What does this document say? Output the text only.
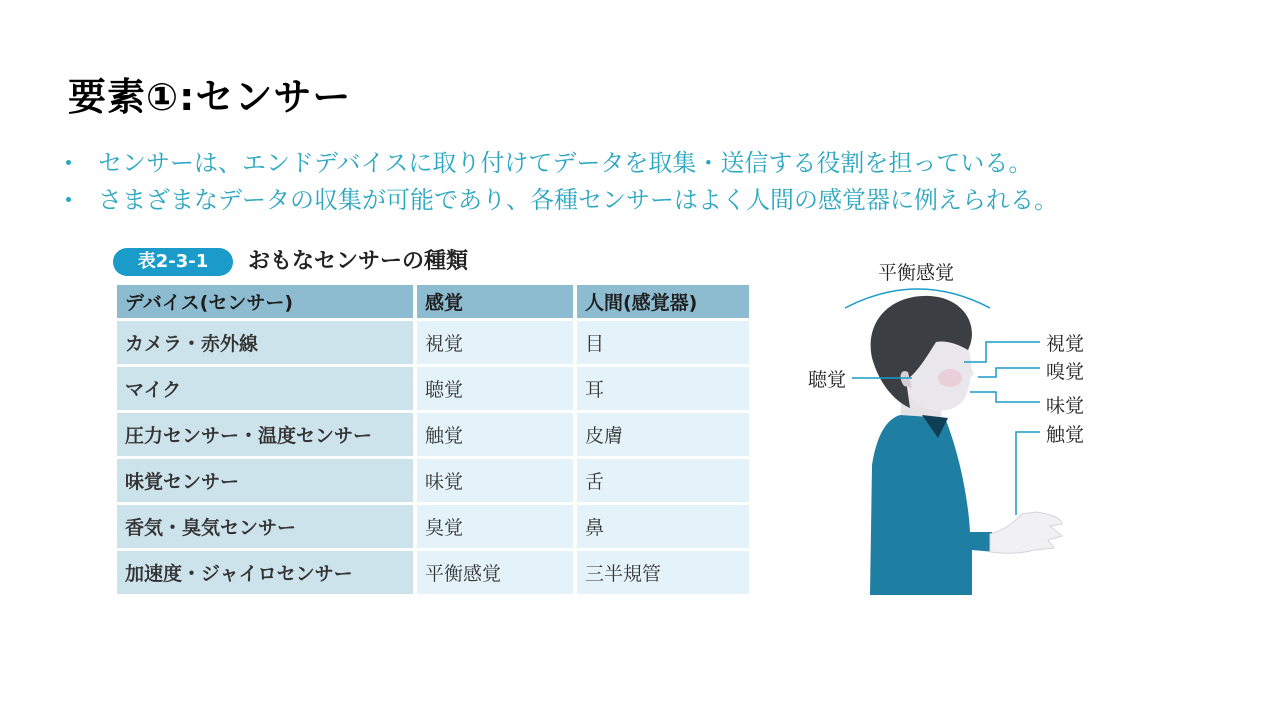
要素①:センサー
センサーは、エンドデバイスに取り付けてデータを取集・送信する役割を担っている。
さまざまなデータの収集が可能であり、各種センサーはよく人間の感覚器に例えられる。
表2-3-1	おもなセンサーの種類
デバイス(センサー)	感覚	人間(感覚器)
カメラ・赤外線	視覚	目
マイク	聴覚	耳
圧力センサー・温度センサー	触覚	皮膚
味覚センサー	味覚	舌
香気・臭気センサー	臭覚	鼻
加速度・ジャイロセンサー	平衡感覚	三半規管
平衡感覚
聴覚
視覚
嗅覚
味覚
触覚
